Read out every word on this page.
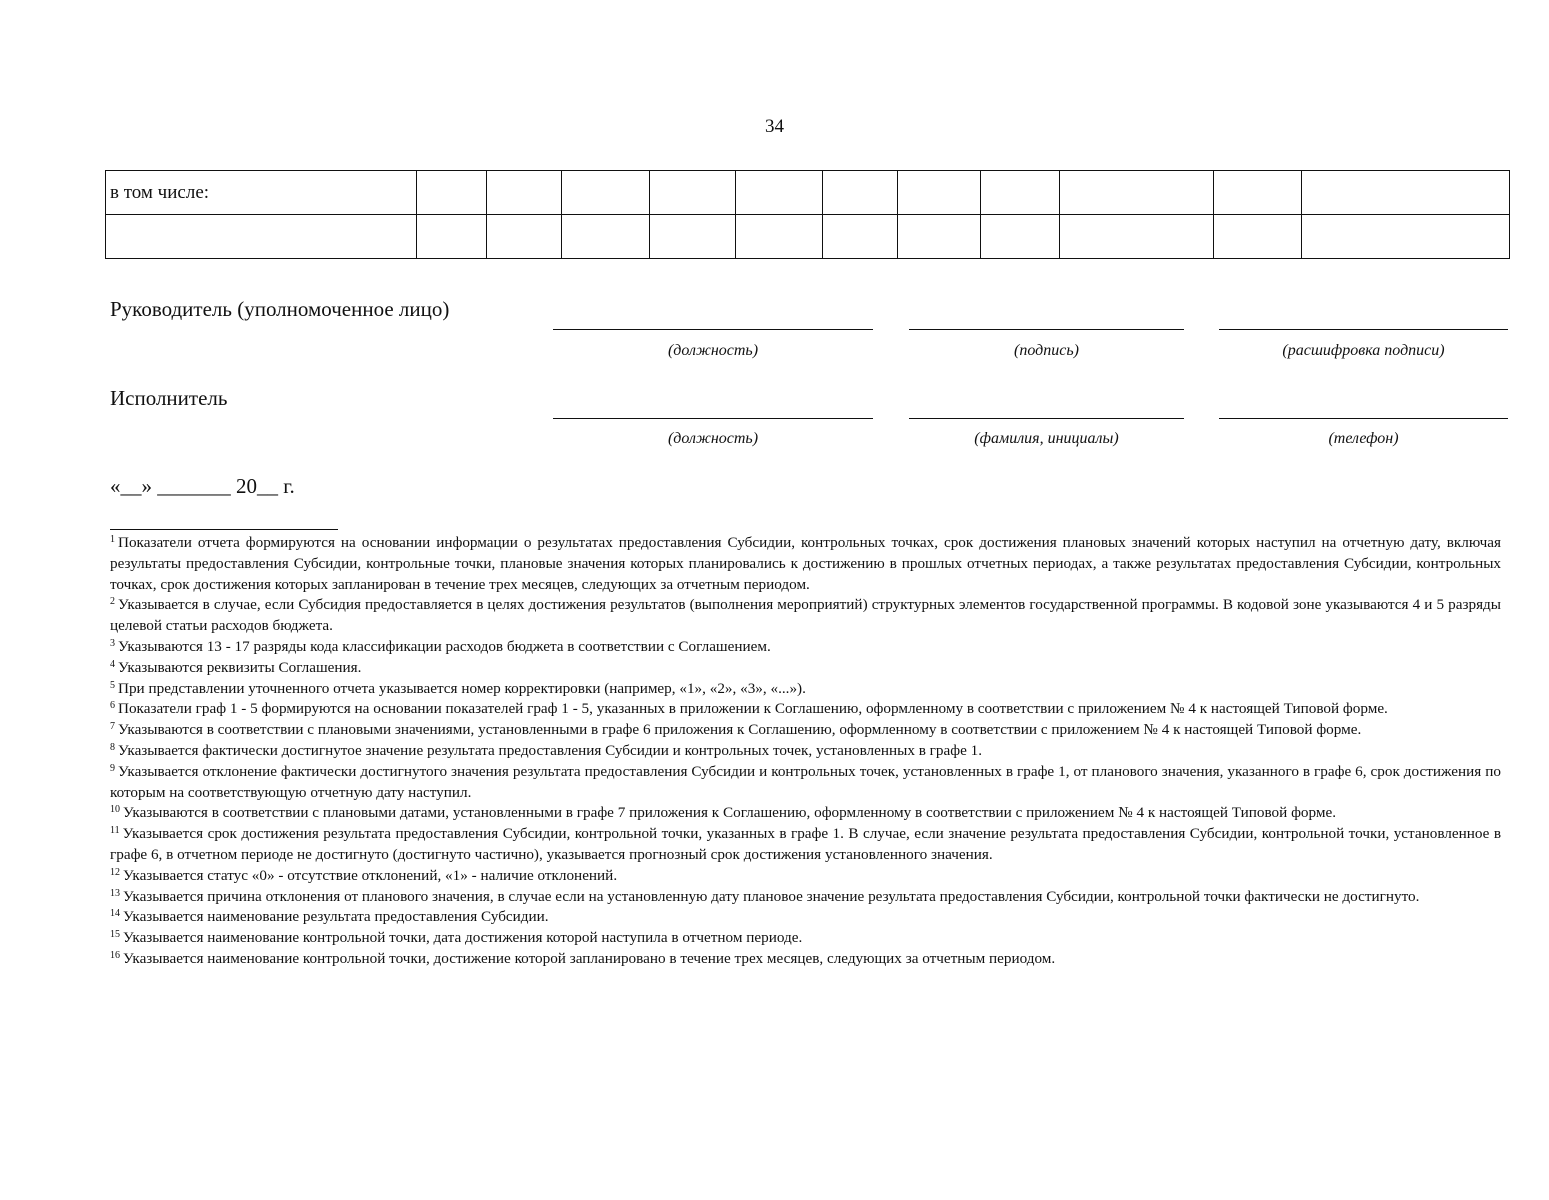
34
в том числе:											

Руководитель (уполномоченное лицо)
(должность)	(подпись)	(расшифровка подписи)
Исполнитель
(должность)	(фамилия, инициалы)	(телефон)
«__» _______ 20__ г.

$^1$ Показатели отчета формируются на основании информации о результатах предоставления Субсидии, контрольных точках, срок достижения плановых значений которых наступил на отчетную дату, включая результаты предоставления Субсидии, контрольные точки, плановые значения которых планировались к достижению в прошлых отчетных периодах, а также результатах предоставления Субсидии, контрольных точках, срок достижения которых запланирован в течение трех месяцев, следующих за отчетным периодом.

$^2$ Указывается в случае, если Субсидия предоставляется в целях достижения результатов (выполнения мероприятий) структурных элементов государственной программы. В кодовой зоне указываются 4 и 5 разряды целевой статьи расходов бюджета.

$^3$ Указываются 13 - 17 разряды кода классификации расходов бюджета в соответствии с Соглашением.

$^4$ Указываются реквизиты Соглашения.

$^5$ При представлении уточненного отчета указывается номер корректировки (например, «1», «2», «3», «...»).

$^6$ Показатели граф 1 - 5 формируются на основании показателей граф 1 - 5, указанных в приложении к Соглашению, оформленному в соответствии с приложением № 4 к настоящей Типовой форме.

$^7$ Указываются в соответствии с плановыми значениями, установленными в графе 6 приложения к Соглашению, оформленному в соответствии с приложением № 4 к настоящей Типовой форме.

$^8$ Указывается фактически достигнутое значение результата предоставления Субсидии и контрольных точек, установленных в графе 1.

$^9$ Указывается отклонение фактически достигнутого значения результата предоставления Субсидии и контрольных точек, установленных в графе 1, от планового значения, указанного в графе 6, срок достижения по которым на соответствующую отчетную дату наступил.

$^{10}$ Указываются в соответствии с плановыми датами, установленными в графе 7 приложения к Соглашению, оформленному в соответствии с приложением № 4 к настоящей Типовой форме.

$^{11}$ Указывается срок достижения результата предоставления Субсидии, контрольной точки, указанных в графе 1. В случае, если значение результата предоставления Субсидии, контрольной точки, установленное в графе 6, в отчетном периоде не достигнуто (достигнуто частично), указывается прогнозный срок достижения установленного значения.

$^{12}$ Указывается статус «0» - отсутствие отклонений, «1» - наличие отклонений.

$^{13}$ Указывается причина отклонения от планового значения, в случае если на установленную дату плановое значение результата предоставления Субсидии, контрольной точки фактически не достигнуто.

$^{14}$ Указывается наименование результата предоставления Субсидии.

$^{15}$ Указывается наименование контрольной точки, дата достижения которой наступила в отчетном периоде.

$^{16}$ Указывается наименование контрольной точки, достижение которой запланировано в течение трех месяцев, следующих за отчетным периодом.
